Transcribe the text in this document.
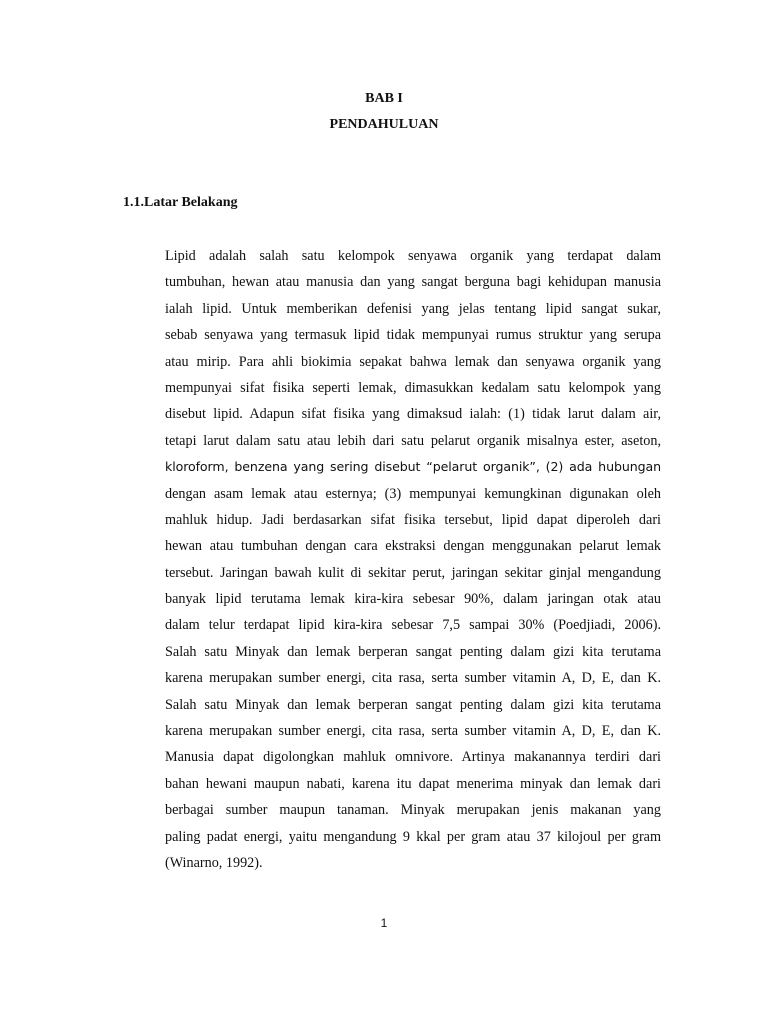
BAB I
PENDAHULUAN
1.1.Latar Belakang
Lipid adalah salah satu kelompok senyawa organik yang terdapat dalam
tumbuhan, hewan atau manusia dan yang sangat berguna bagi kehidupan manusia
ialah lipid. Untuk memberikan defenisi yang jelas tentang lipid sangat sukar,
sebab senyawa yang termasuk lipid tidak mempunyai rumus struktur yang serupa
atau mirip. Para ahli biokimia sepakat bahwa lemak dan senyawa organik yang
mempunyai sifat fisika seperti lemak, dimasukkan kedalam satu kelompok yang
disebut lipid. Adapun sifat fisika yang dimaksud ialah: (1) tidak larut dalam air,
tetapi larut dalam satu atau lebih dari satu pelarut organik misalnya ester, aseton,
kloroform, benzena yang sering disebut “pelarut organik”, (2) ada hubungan
dengan asam lemak atau esternya; (3) mempunyai kemungkinan digunakan oleh
mahluk hidup. Jadi berdasarkan sifat fisika tersebut, lipid dapat diperoleh dari
hewan atau tumbuhan dengan cara ekstraksi dengan menggunakan pelarut lemak
tersebut. Jaringan bawah kulit di sekitar perut, jaringan sekitar ginjal mengandung
banyak lipid terutama lemak kira-kira sebesar 90%, dalam jaringan otak atau
dalam telur terdapat lipid kira-kira sebesar 7,5 sampai 30% (Poedjiadi, 2006).
Salah satu Minyak dan lemak berperan sangat penting dalam gizi kita terutama
karena merupakan sumber energi, cita rasa, serta sumber vitamin A, D, E, dan K.
Salah satu Minyak dan lemak berperan sangat penting dalam gizi kita terutama
karena merupakan sumber energi, cita rasa, serta sumber vitamin A, D, E, dan K.
Manusia dapat digolongkan mahluk omnivore. Artinya makanannya terdiri dari
bahan hewani maupun nabati, karena itu dapat menerima minyak dan lemak dari
berbagai sumber maupun tanaman. Minyak merupakan jenis makanan yang
paling padat energi, yaitu mengandung 9 kkal per gram atau 37 kilojoul per gram
(Winarno, 1992).
1
